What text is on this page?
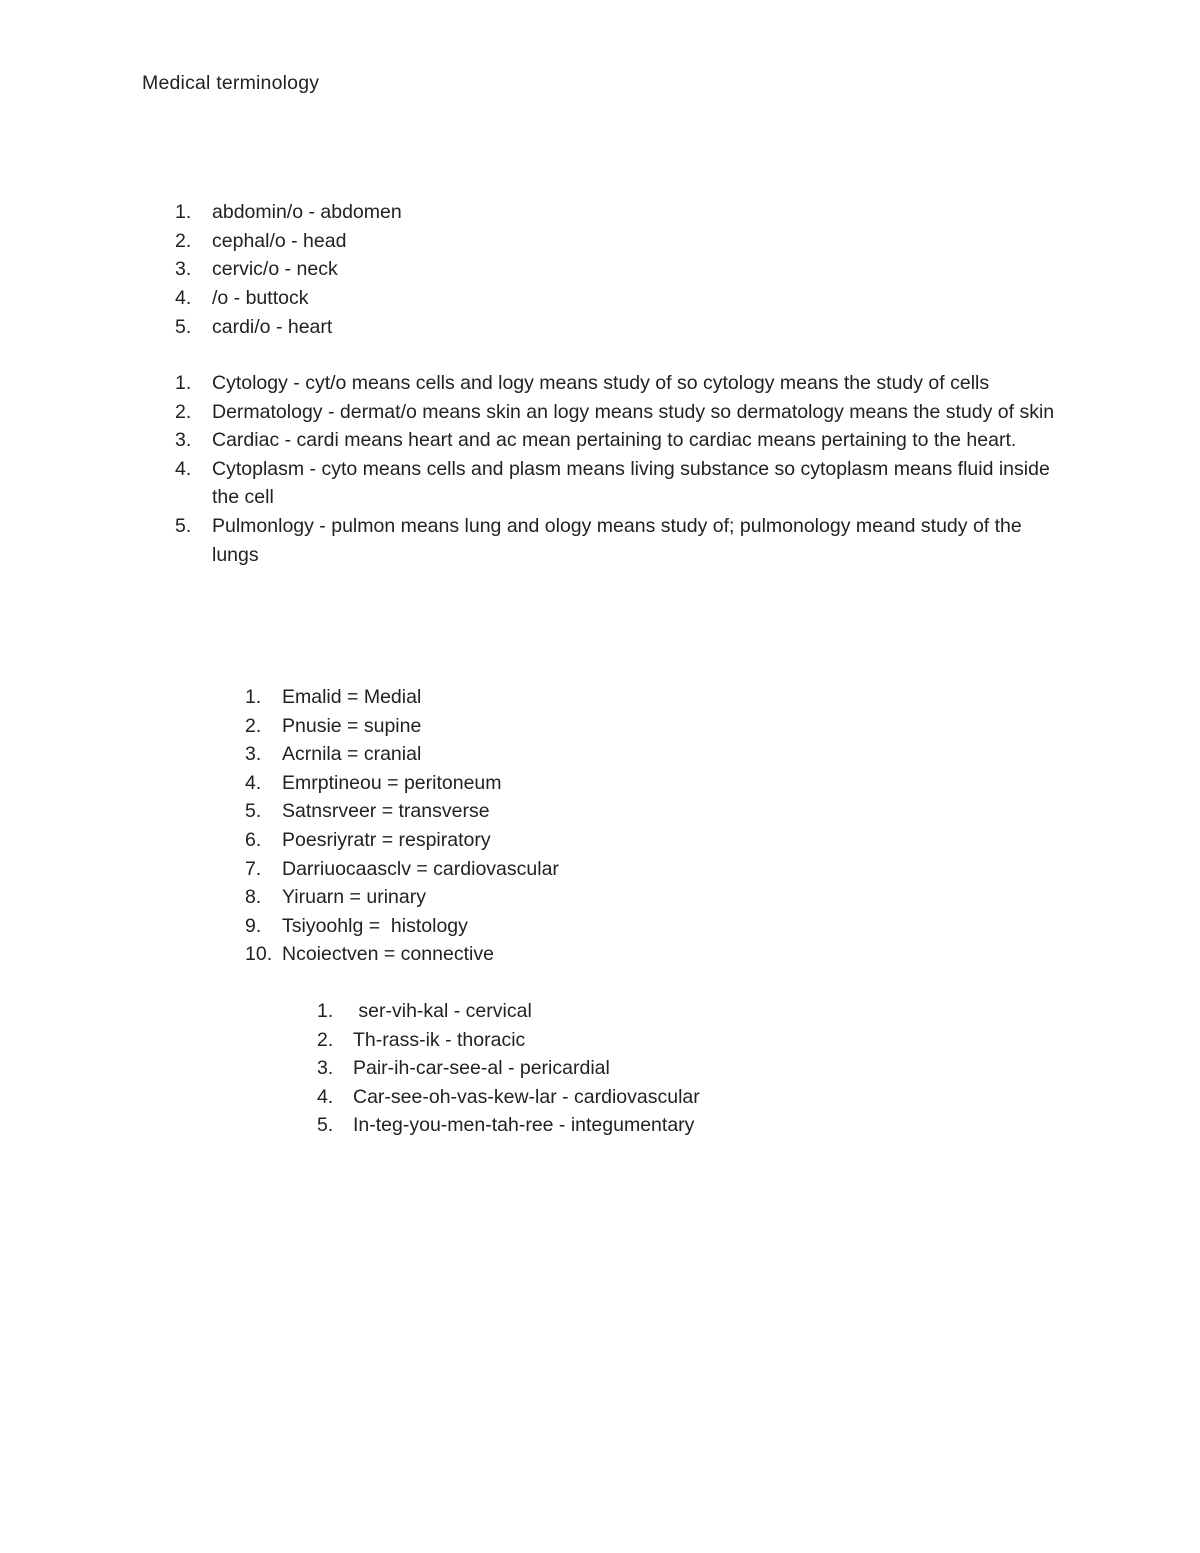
Medical terminology
1. abdomin/o - abdomen
2. cephal/o - head
3. cervic/o - neck
4. /o - buttock
5. cardi/o - heart
1. Cytology - cyt/o means cells and logy means study of so cytology means the study of cells
2. Dermatology - dermat/o means skin an logy means study so dermatology means the study of skin
3. Cardiac - cardi means heart and ac mean pertaining to cardiac means pertaining to the heart.
4. Cytoplasm - cyto means cells and plasm means living substance so cytoplasm means fluid inside the cell
5. Pulmonlogy - pulmon means lung and ology means study of; pulmonology meand study of the lungs
1. Emalid = Medial
2. Pnusie = supine
3. Acrnila = cranial
4. Emrptineou = peritoneum
5. Satnsrveer = transverse
6. Poesriyratr = respiratory
7. Darriuocaasclv = cardiovascular
8. Yiruarn = urinary
9. Tsiyoohlg =  histology
10. Ncoiectven = connective
1. ser-vih-kal - cervical
2. Th-rass-ik - thoracic
3. Pair-ih-car-see-al - pericardial
4. Car-see-oh-vas-kew-lar - cardiovascular
5. In-teg-you-men-tah-ree - integumentary
